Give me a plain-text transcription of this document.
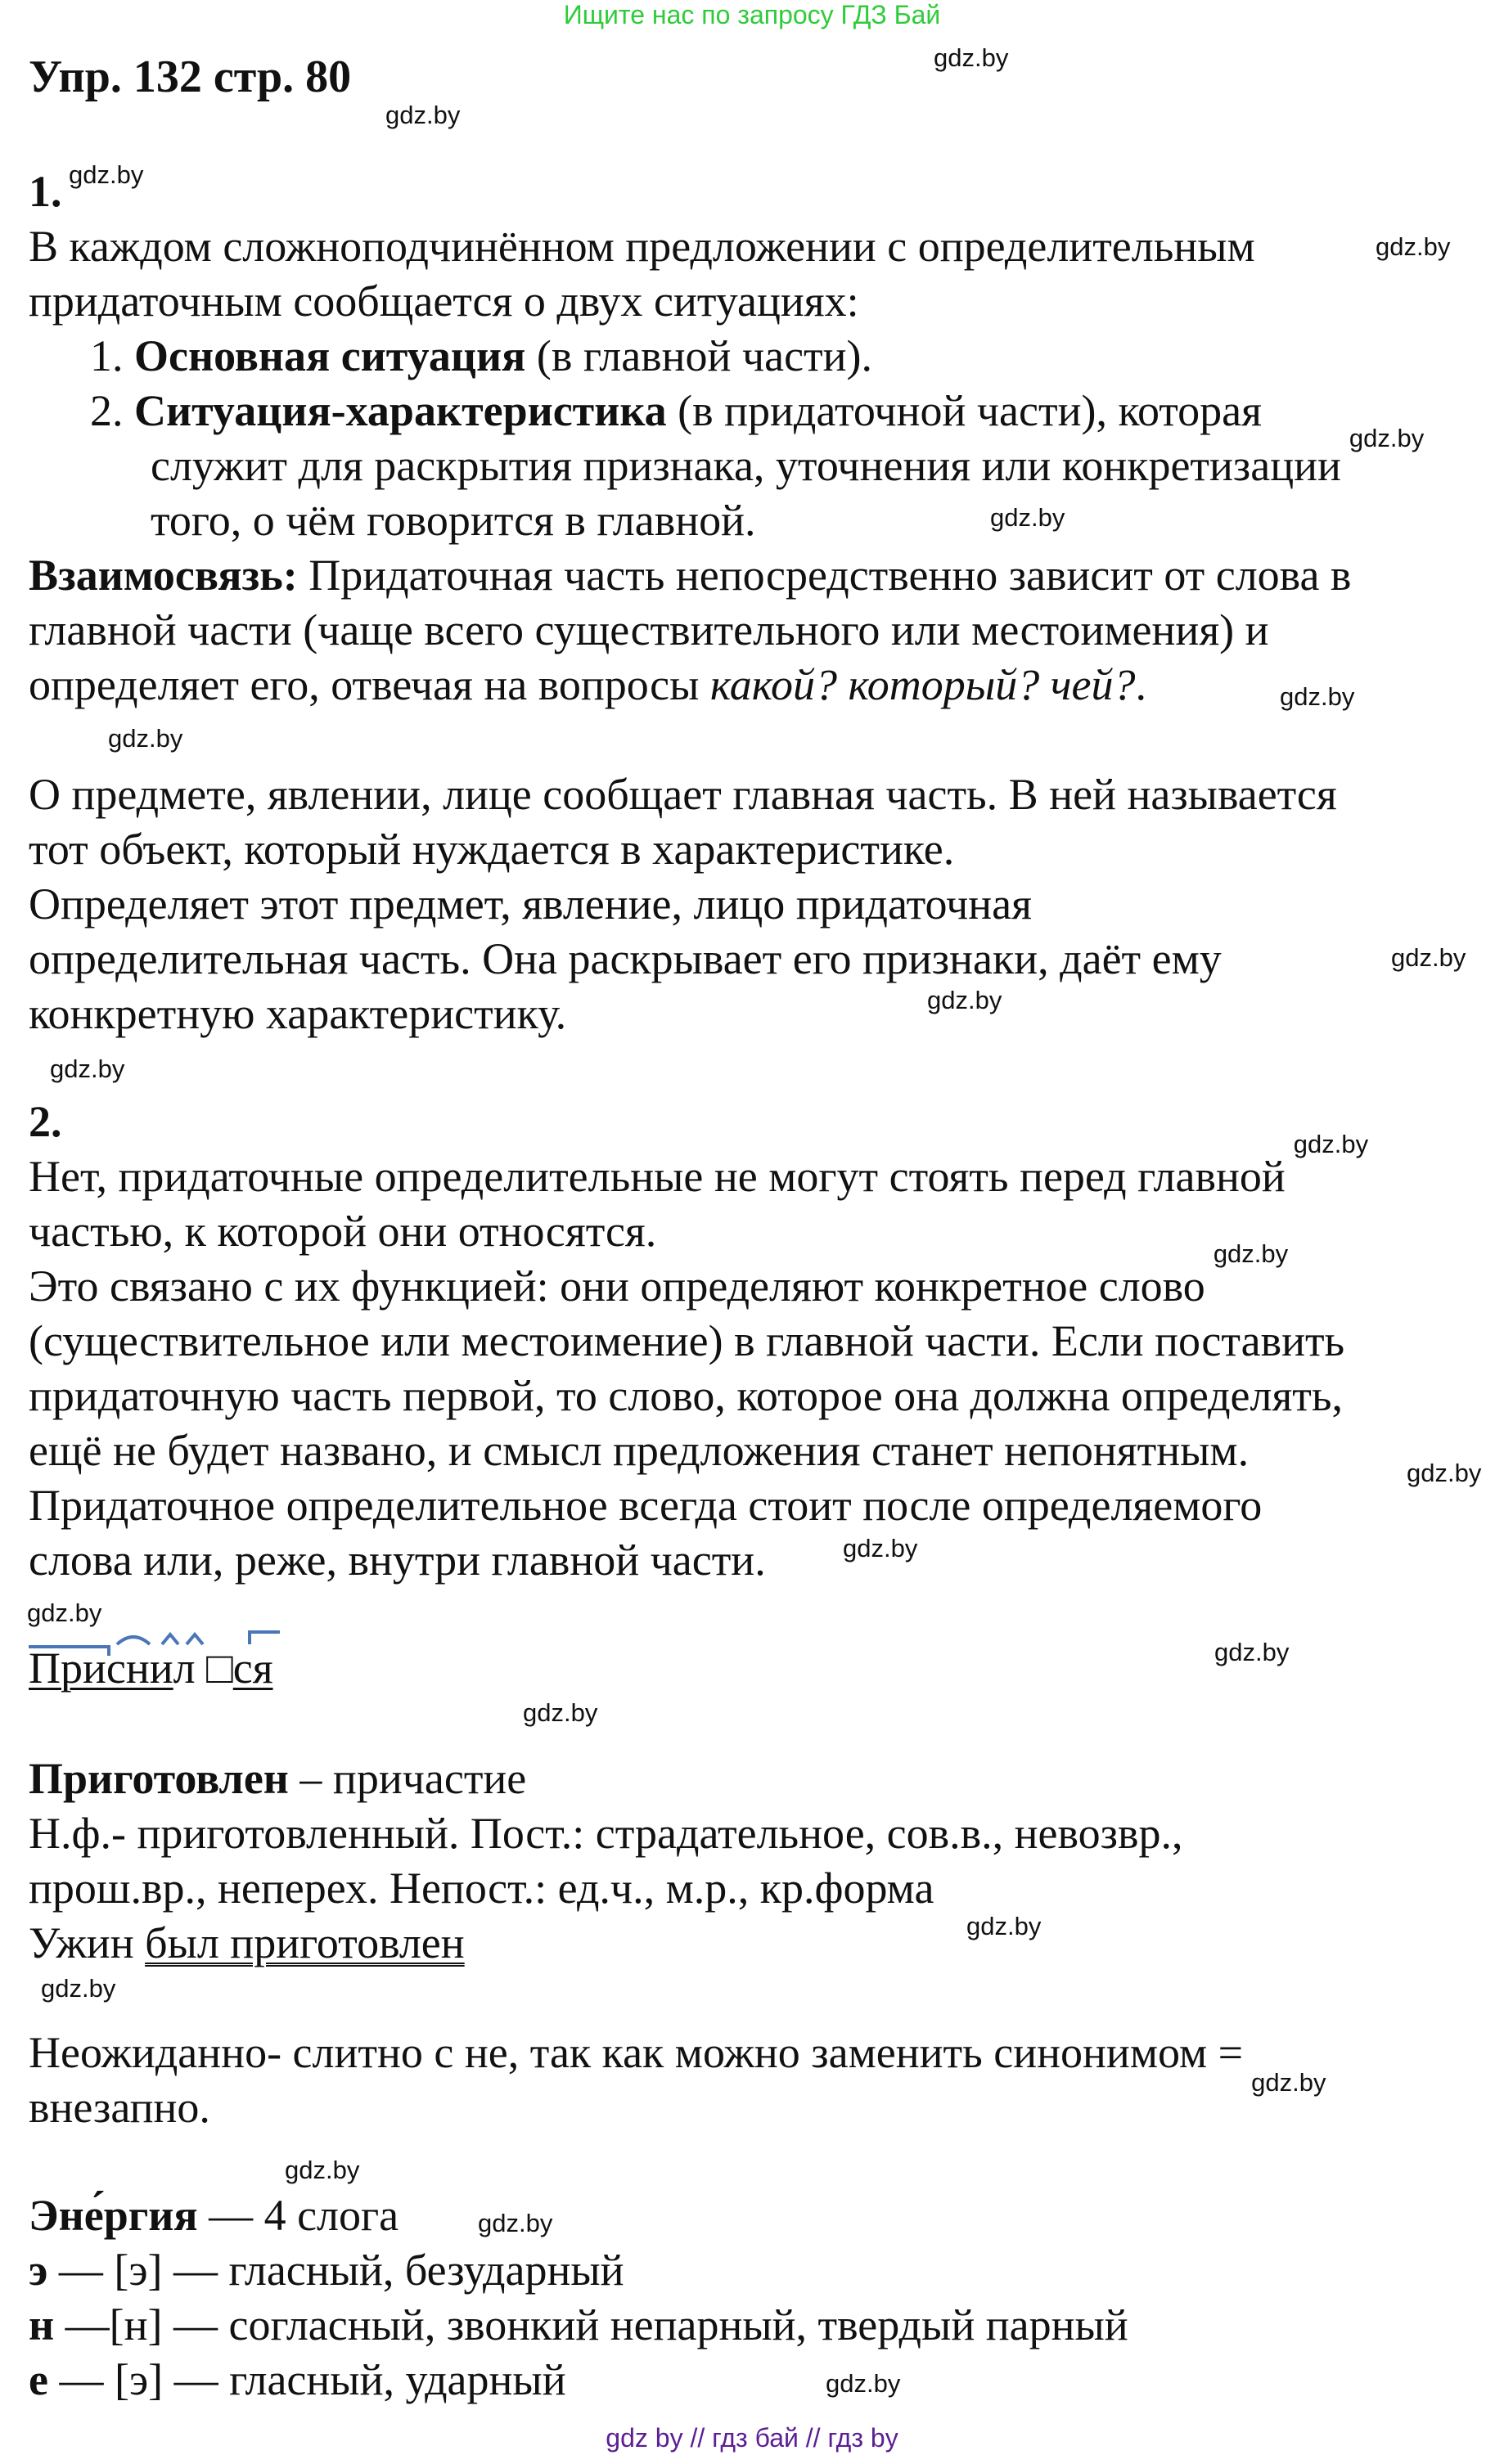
Ищите нас по запросу ГДЗ Бай
Упр. 132 стр. 80
1.
В каждом сложноподчинённом предложении с определительным
придаточным сообщается о двух ситуациях:
1. Основная ситуация (в главной части).
2. Ситуация-характеристика (в придаточной части), которая
служит для раскрытия признака, уточнения или конкретизации
того, о чём говорится в главной.
Взаимосвязь: Придаточная часть непосредственно зависит от слова в
главной части (чаще всего существительного или местоимения) и
определяет его, отвечая на вопросы какой? который? чей?.
О предмете, явлении, лице сообщает главная часть. В ней называется
тот объект, который нуждается в характеристике.
Определяет этот предмет, явление, лицо придаточная
определительная часть. Она раскрывает его признаки, даёт ему
конкретную характеристику.
2.
Нет, придаточные определительные не могут стоять перед главной
частью, к которой они относятся.
Это связано с их функцией: они определяют конкретное слово
(существительное или местоимение) в главной части. Если поставить
придаточную часть первой, то слово, которое она должна определять,
ещё не будет названо, и смысл предложения станет непонятным.
Придаточное определительное всегда стоит после определяемого
слова или, реже, внутри главной части.
Приснил □ся
Приготовлен – причастие
Н.ф.- приготовленный. Пост.: страдательное, сов.в., невозвр.,
прош.вр., неперех. Непост.: ед.ч., м.р., кр.форма
Ужин был приготовлен
Неожиданно- слитно с не, так как можно заменить синонимом =
внезапно.
Эне́ргия — 4 слога
э — [э] — гласный, безударный
н —[н] — согласный, звонкий непарный, твердый парный
е — [э] — гласный, ударный
gdz.by
gdz.by
gdz.by
gdz.by
gdz.by
gdz.by
gdz.by
gdz.by
gdz.by
gdz.by
gdz.by
gdz.by
gdz.by
gdz.by
gdz.by
gdz.by
gdz.by
gdz.by
gdz.by
gdz.by
gdz.by
gdz.by
gdz.by
gdz.by
gdz by // гдз бай // гдз by
